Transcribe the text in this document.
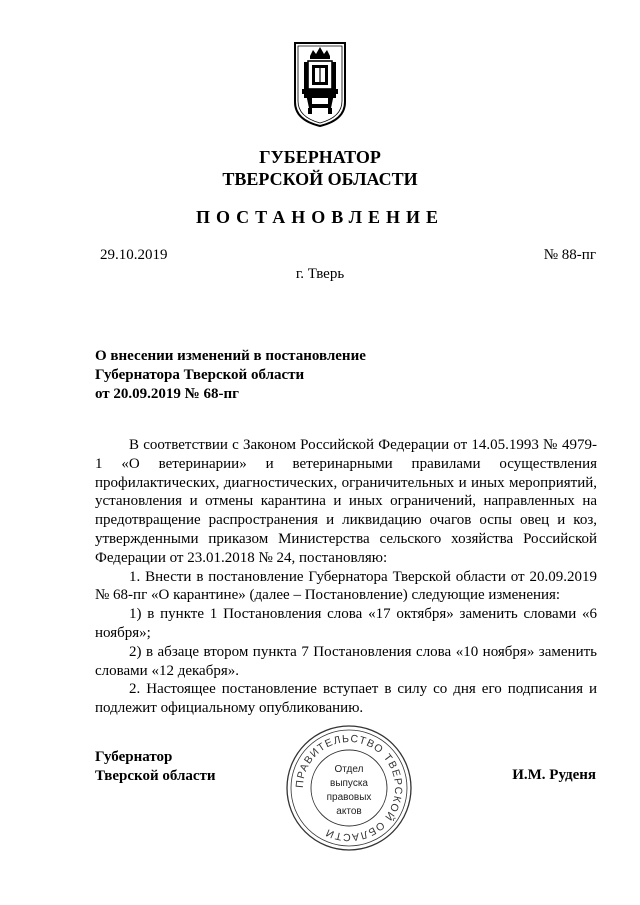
ГУБЕРНАТОР
ТВЕРСКОЙ ОБЛАСТИ
ПОСТАНОВЛЕНИЕ
29.10.2019	№ 88-пг
г. Тверь
О внесении изменений в постановление
Губернатора Тверской области
от 20.09.2019 № 68-пг

В соответствии с Законом Российской Федерации от 14.05.1993 № 4979-1 «О ветеринарии» и ветеринарными правилами осуществления профилактических, диагностических, ограничительных и иных мероприятий, установления и отмены карантина и иных ограничений, направленных на предотвращение распространения и ликвидацию очагов оспы овец и коз, утвержденными приказом Министерства сельского хозяйства Российской Федерации от 23.01.2018 № 24, постановляю:

1. Внести в постановление Губернатора Тверской области от 20.09.2019 № 68-пг «О карантине» (далее – Постановление) следующие изменения:

1) в пункте 1 Постановления слова «17 октября» заменить словами «6 ноября»;

2) в абзаце втором пункта 7 Постановления слова «10 ноября» заменить словами «12 декабря».

2. Настоящее постановление вступает в силу со дня его подписания и подлежит официальному опубликованию.

Губернатор
Тверской области	ПРАВИТЕЛЬСТВО ТВЕРСКОЙ ОБЛАСТИ
Отдел
выпуска
правовых
актов
И.М. Руденя
